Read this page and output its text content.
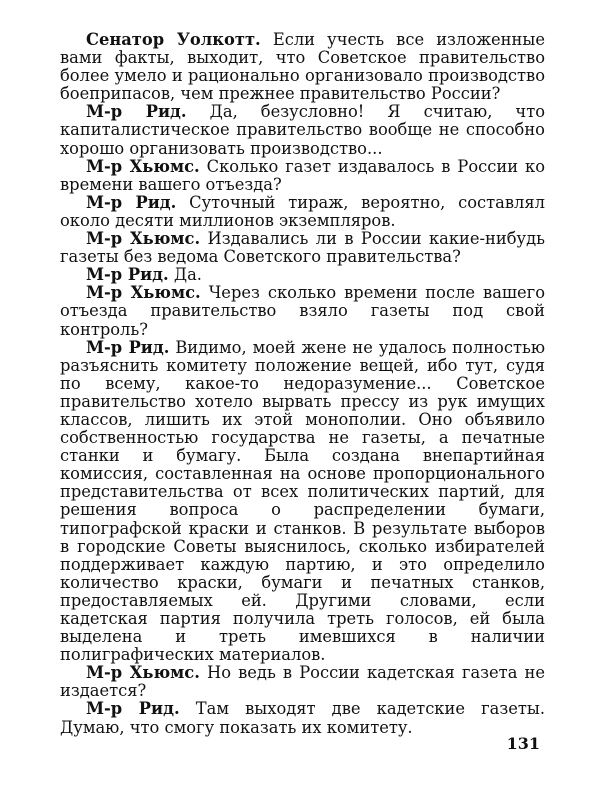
Сенатор Уолкотт. Если учесть все изложенные вами факты, выходит, что Советское правительство более умело и рационально организовало производство боеприпасов, чем прежнее правительство России?

М-р Рид. Да, безусловно! Я считаю, что капиталистическое правительство вообще не способно хорошо организовать производство...

М-р Хьюмс. Сколько газет издавалось в России ко времени вашего отъезда?

М-р Рид. Суточный тираж, вероятно, составлял около десяти миллионов экземпляров.

М-р Хьюмс. Издавались ли в России какие-нибудь газеты без ведома Советского правительства?

М-р Рид. Да.

М-р Хьюмс. Через сколько времени после вашего отъезда правительство взяло газеты под свой контроль?

М-р Рид. Видимо, моей жене не удалось полностью разъяснить комитету положение вещей, ибо тут, судя по всему, какое-то недоразумение... Советское правительство хотело вырвать прессу из рук имущих классов, лишить их этой монополии. Оно объявило собственностью государства не газеты, а печатные станки и бумагу. Была создана внепартийная комиссия, составленная на основе пропорционального представительства от всех политических партий, для решения вопроса о распределении бумаги, типографской краски и станков. В результате выборов в городские Советы выяснилось, сколько избирателей поддерживает каждую партию, и это определило количество краски, бумаги и печатных станков, предоставляемых ей. Другими словами, если кадетская партия получила треть голосов, ей была выделена и треть имевшихся в наличии полиграфических материалов.

М-р Хьюмс. Но ведь в России кадетская газета не издается?

М-р Рид. Там выходят две кадетские газеты. Думаю, что смогу показать их комитету.

131
